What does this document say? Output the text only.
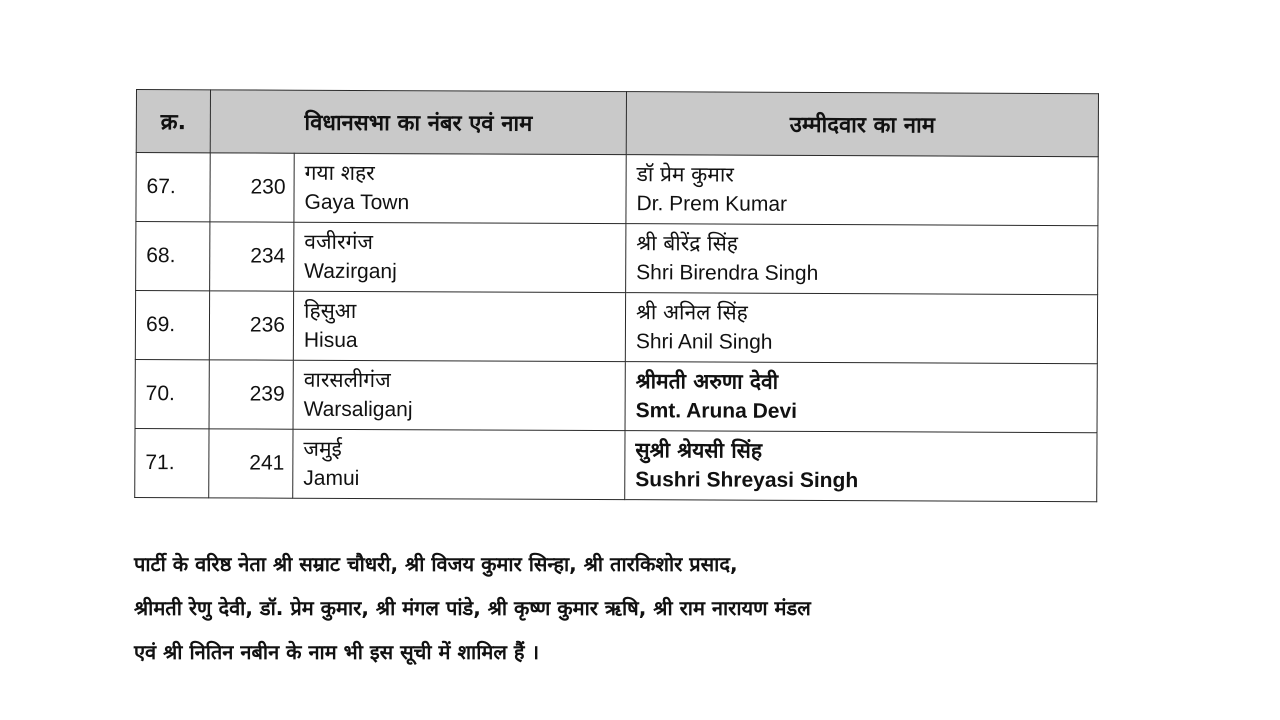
क्र.	विधानसभा का नंबर एवं नाम		उम्मीदवार का नाम
67.	230	गया शहर
Gaya Town	डॉ प्रेम कुमार
Dr. Prem Kumar

68.	234	वजीरगंज
Wazirganj	श्री बीरेंद्र सिंह
Shri Birendra Singh

69.	236	हिसुआ
Hisua	श्री अनिल सिंह
Shri Anil Singh

70.	239	वारसलीगंज
Warsaliganj	श्रीमती अरुणा देवी
Smt. Aruna Devi

71.	241	जमुई
Jamui	सुश्री श्रेयसी सिंह
Sushri Shreyasi Singh

पार्टी के वरिष्ठ नेता श्री सम्राट चौधरी, श्री विजय कुमार सिन्हा, श्री तारकिशोर प्रसाद,
श्रीमती रेणु देवी, डॉ. प्रेम कुमार, श्री मंगल पांडे, श्री कृष्ण कुमार ऋषि, श्री राम नारायण मंडल
एवं श्री नितिन नबीन के नाम भी इस सूची में शामिल हैं ।
